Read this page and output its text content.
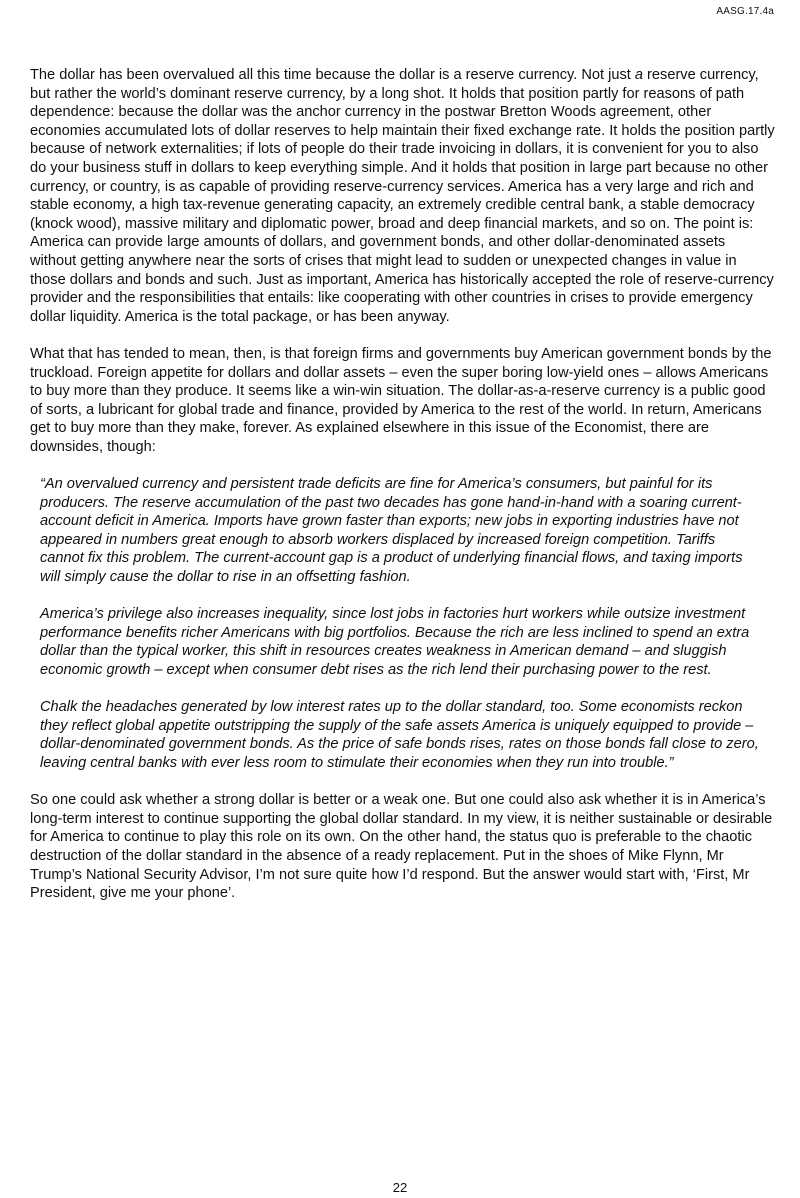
AASG.17.4a

The dollar has been overvalued all this time because the dollar is a reserve currency. Not just a reserve currency, but rather the world’s dominant reserve currency, by a long shot. It holds that position partly for reasons of path dependence: because the dollar was the anchor currency in the postwar Bretton Woods agreement, other economies accumulated lots of dollar reserves to help maintain their fixed exchange rate. It holds the position partly because of network externalities; if lots of people do their trade invoicing in dollars, it is convenient for you to also do your business stuff in dollars to keep everything simple. And it holds that position in large part because no other currency, or country, is as capable of providing reserve-currency services. America has a very large and rich and stable economy, a high tax-revenue generating capacity, an extremely credible central bank, a stable democracy (knock wood), massive military and diplomatic power, broad and deep financial markets, and so on. The point is: America can provide large amounts of dollars, and government bonds, and other dollar-denominated assets without getting anywhere near the sorts of crises that might lead to sudden or unexpected changes in value in those dollars and bonds and such. Just as important, America has historically accepted the role of reserve-currency provider and the responsibilities that entails: like cooperating with other countries in crises to provide emergency dollar liquidity. America is the total package, or has been anyway.

What that has tended to mean, then, is that foreign firms and governments buy American government bonds by the truckload. Foreign appetite for dollars and dollar assets – even the super boring low-yield ones – allows Americans to buy more than they produce. It seems like a win-win situation. The dollar-as-a-reserve currency is a public good of sorts, a lubricant for global trade and finance, provided by America to the rest of the world. In return, Americans get to buy more than they make, forever. As explained elsewhere in this issue of the Economist, there are downsides, though:

“An overvalued currency and persistent trade deficits are fine for America’s consumers, but painful for its producers. The reserve accumulation of the past two decades has gone hand-in-hand with a soaring current-account deficit in America. Imports have grown faster than exports; new jobs in exporting industries have not appeared in numbers great enough to absorb workers displaced by increased foreign competition. Tariffs cannot fix this problem. The current-account gap is a product of underlying financial flows, and taxing imports will simply cause the dollar to rise in an offsetting fashion.

America’s privilege also increases inequality, since lost jobs in factories hurt workers while outsize investment performance benefits richer Americans with big portfolios. Because the rich are less inclined to spend an extra dollar than the typical worker, this shift in resources creates weakness in American demand – and sluggish economic growth – except when consumer debt rises as the rich lend their purchasing power to the rest.

Chalk the headaches generated by low interest rates up to the dollar standard, too. Some economists reckon they reflect global appetite outstripping the supply of the safe assets America is uniquely equipped to provide – dollar-denominated government bonds. As the price of safe bonds rises, rates on those bonds fall close to zero, leaving central banks with ever less room to stimulate their economies when they run into trouble.”

So one could ask whether a strong dollar is better or a weak one. But one could also ask whether it is in America’s long-term interest to continue supporting the global dollar standard. In my view, it is neither sustainable or desirable for America to continue to play this role on its own. On the other hand, the status quo is preferable to the chaotic destruction of the dollar standard in the absence of a ready replacement. Put in the shoes of Mike Flynn, Mr Trump’s National Security Advisor, I’m not sure quite how I’d respond. But the answer would start with, ‘First, Mr President, give me your phone’.

22
